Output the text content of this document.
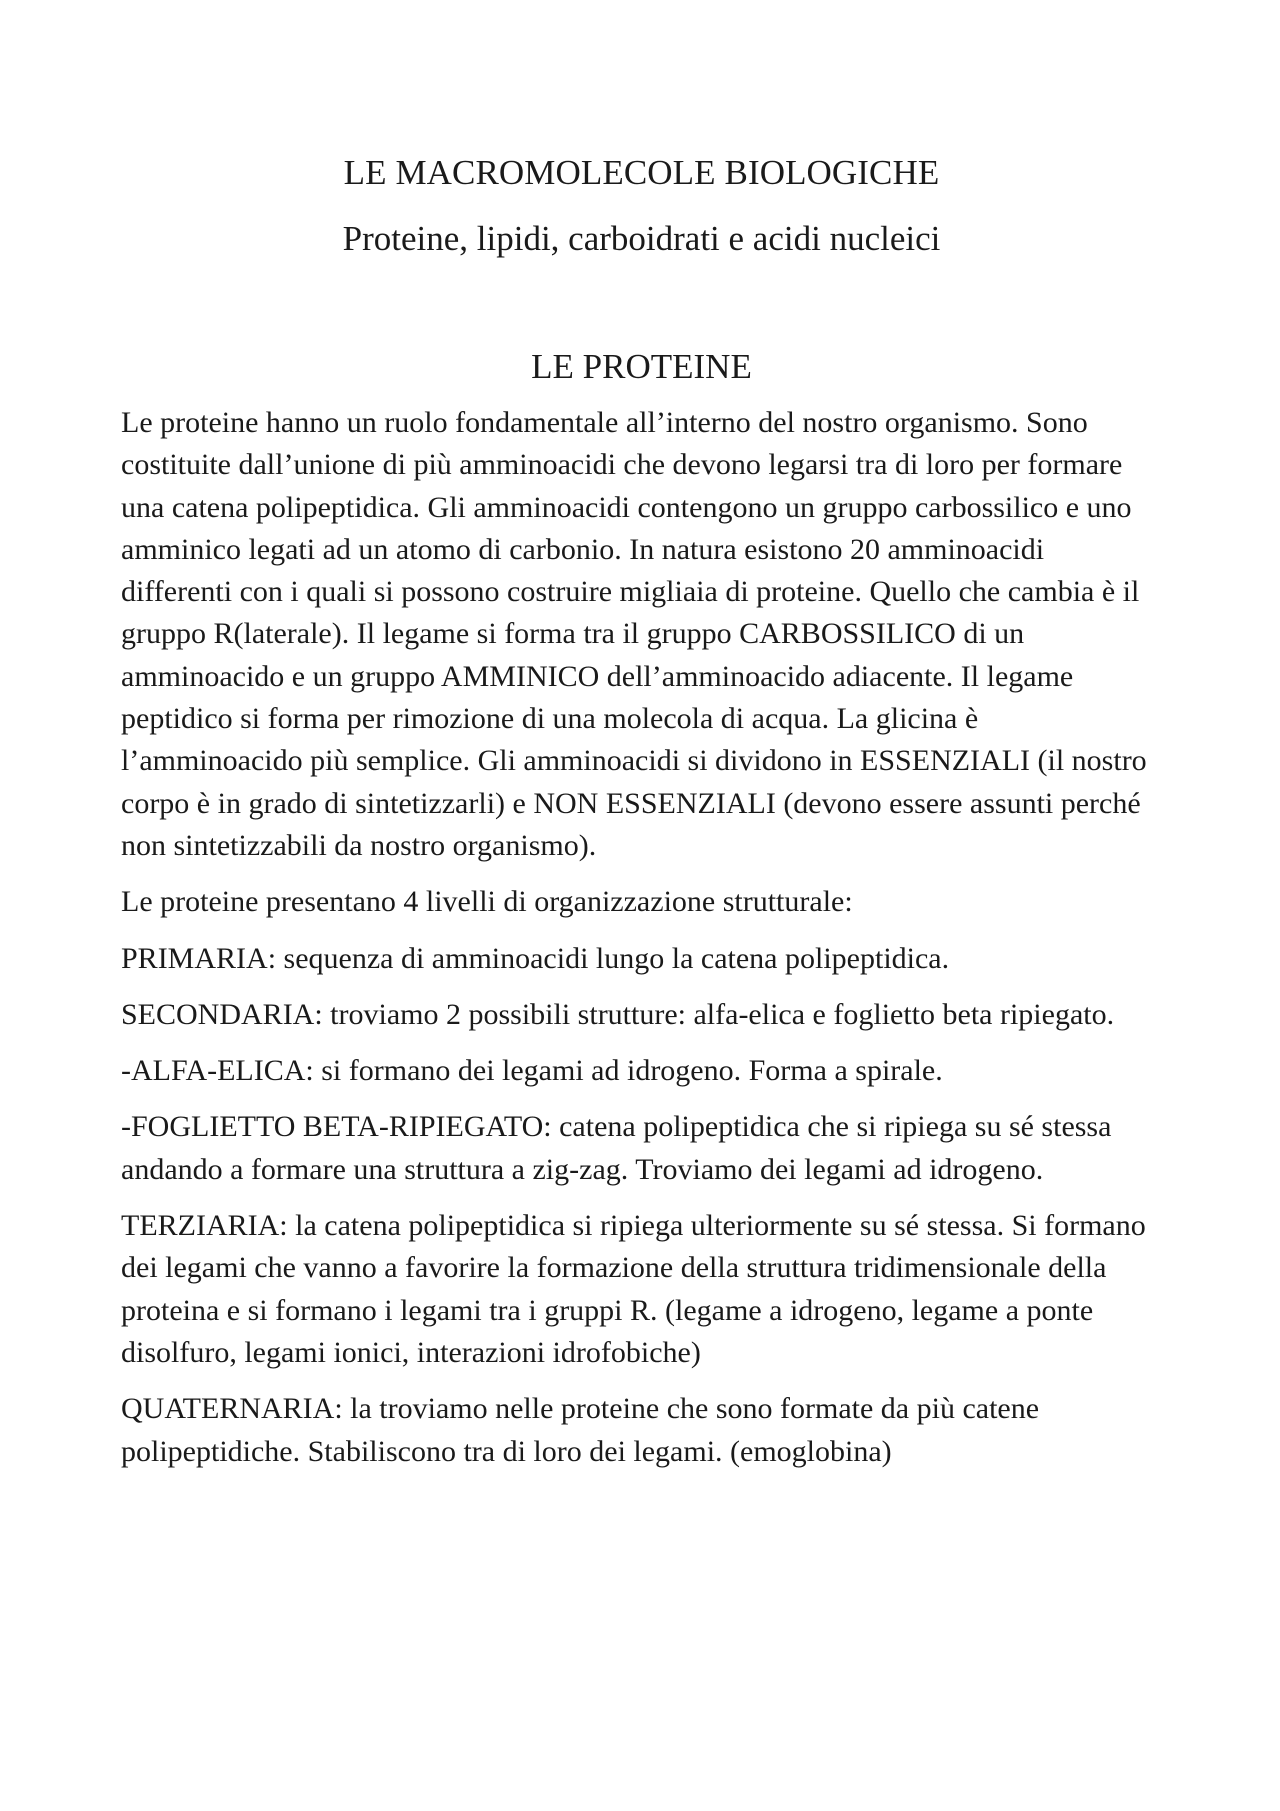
LE MACROMOLECOLE BIOLOGICHE
Proteine, lipidi, carboidrati e acidi nucleici
LE PROTEINE

Le proteine hanno un ruolo fondamentale all’interno del nostro organismo. Sono costituite dall’unione di più amminoacidi che devono legarsi tra di loro per formare una catena polipeptidica. Gli amminoacidi contengono un gruppo carbossilico e uno amminico legati ad un atomo di carbonio. In natura esistono 20 amminoacidi differenti con i quali si possono costruire migliaia di proteine. Quello che cambia è il gruppo R(laterale). Il legame si forma tra il gruppo CARBOSSILICO di un amminoacido e un gruppo AMMINICO dell’amminoacido adiacente. Il legame peptidico si forma per rimozione di una molecola di acqua. La glicina è l’amminoacido più semplice. Gli amminoacidi si dividono in ESSENZIALI (il nostro corpo è in grado di sintetizzarli) e NON ESSENZIALI (devono essere assunti perché non sintetizzabili da nostro organismo).

Le proteine presentano 4 livelli di organizzazione strutturale:

PRIMARIA: sequenza di amminoacidi lungo la catena polipeptidica.

SECONDARIA: troviamo 2 possibili strutture: alfa-elica e foglietto beta ripiegato.

-ALFA-ELICA: si formano dei legami ad idrogeno. Forma a spirale.

-FOGLIETTO BETA-RIPIEGATO: catena polipeptidica che si ripiega su sé stessa andando a formare una struttura a zig-zag. Troviamo dei legami ad idrogeno.

TERZIARIA: la catena polipeptidica si ripiega ulteriormente su sé stessa. Si formano dei legami che vanno a favorire la formazione della struttura tridimensionale della proteina e si formano i legami tra i gruppi R. (legame a idrogeno, legame a ponte disolfuro, legami ionici, interazioni idrofobiche)

QUATERNARIA: la troviamo nelle proteine che sono formate da più catene polipeptidiche. Stabiliscono tra di loro dei legami. (emoglobina)
